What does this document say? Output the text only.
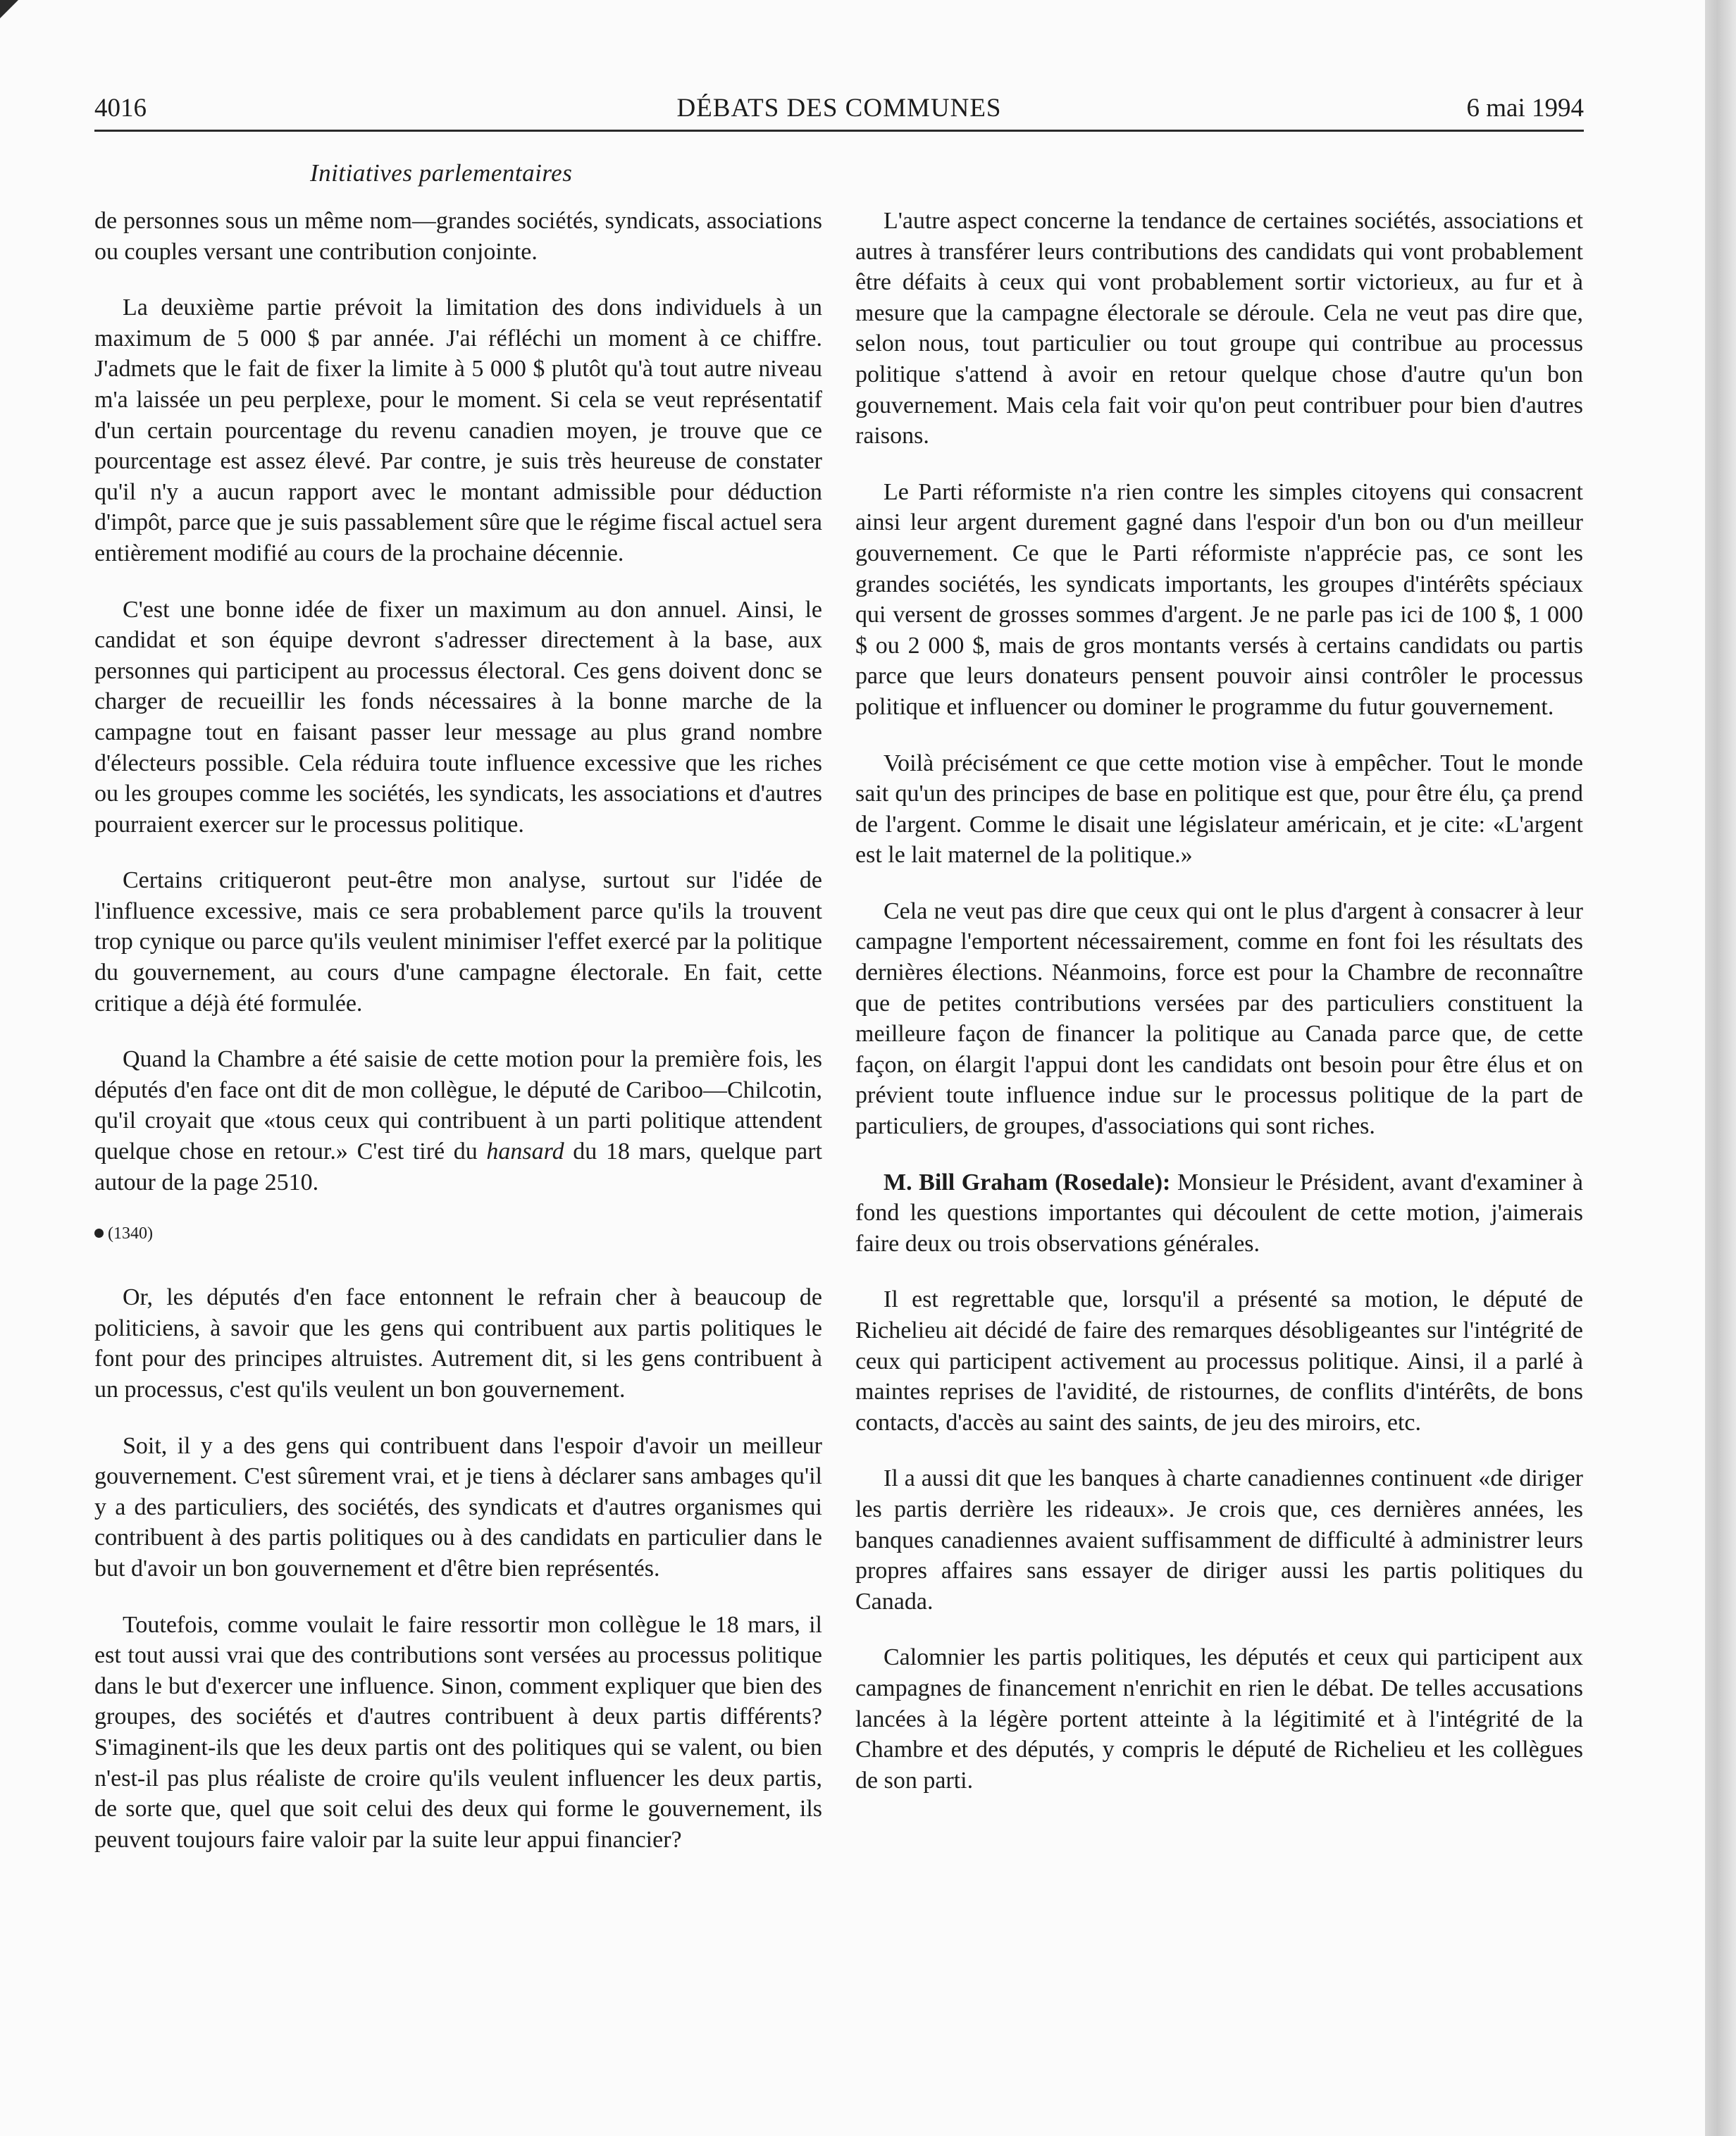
4016	DÉBATS DES COMMUNES	6 mai 1994
Initiatives parlementaires

de personnes sous un même nom—grandes sociétés, syndicats, associations ou couples versant une contribution conjointe.

La deuxième partie prévoit la limitation des dons individuels à un maximum de 5 000 $ par année. J'ai réfléchi un moment à ce chiffre. J'admets que le fait de fixer la limite à 5 000 $ plutôt qu'à tout autre niveau m'a laissée un peu perplexe, pour le moment. Si cela se veut représentatif d'un certain pourcentage du revenu canadien moyen, je trouve que ce pourcentage est assez élevé. Par contre, je suis très heureuse de constater qu'il n'y a aucun rapport avec le montant admissible pour déduction d'impôt, parce que je suis passablement sûre que le régime fiscal actuel sera entièrement modifié au cours de la prochaine décennie.

C'est une bonne idée de fixer un maximum au don annuel. Ainsi, le candidat et son équipe devront s'adresser directement à la base, aux personnes qui participent au processus électoral. Ces gens doivent donc se charger de recueillir les fonds nécessaires à la bonne marche de la campagne tout en faisant passer leur message au plus grand nombre d'électeurs possible. Cela réduira toute influence excessive que les riches ou les groupes comme les sociétés, les syndicats, les associations et d'autres pourraient exercer sur le processus politique.

Certains critiqueront peut-être mon analyse, surtout sur l'idée de l'influence excessive, mais ce sera probablement parce qu'ils la trouvent trop cynique ou parce qu'ils veulent minimiser l'effet exercé par la politique du gouvernement, au cours d'une campagne électorale. En fait, cette critique a déjà été formulée.

Quand la Chambre a été saisie de cette motion pour la première fois, les députés d'en face ont dit de mon collègue, le député de Cariboo—Chilcotin, qu'il croyait que «tous ceux qui contribuent à un parti politique attendent quelque chose en retour.» C'est tiré du hansard du 18 mars, quelque part autour de la page 2510.

(1340)

Or, les députés d'en face entonnent le refrain cher à beaucoup de politiciens, à savoir que les gens qui contribuent aux partis politiques le font pour des principes altruistes. Autrement dit, si les gens contribuent à un processus, c'est qu'ils veulent un bon gouvernement.

Soit, il y a des gens qui contribuent dans l'espoir d'avoir un meilleur gouvernement. C'est sûrement vrai, et je tiens à déclarer sans ambages qu'il y a des particuliers, des sociétés, des syndicats et d'autres organismes qui contribuent à des partis politiques ou à des candidats en particulier dans le but d'avoir un bon gouvernement et d'être bien représentés.

Toutefois, comme voulait le faire ressortir mon collègue le 18 mars, il est tout aussi vrai que des contributions sont versées au processus politique dans le but d'exercer une influence. Sinon, comment expliquer que bien des groupes, des sociétés et d'autres contribuent à deux partis différents? S'imaginent-ils que les deux partis ont des politiques qui se valent, ou bien n'est-il pas plus réaliste de croire qu'ils veulent influencer les deux partis, de sorte que, quel que soit celui des deux qui forme le gouvernement, ils peuvent toujours faire valoir par la suite leur appui financier?

L'autre aspect concerne la tendance de certaines sociétés, associations et autres à transférer leurs contributions des candidats qui vont probablement être défaits à ceux qui vont probablement sortir victorieux, au fur et à mesure que la campagne électorale se déroule. Cela ne veut pas dire que, selon nous, tout particulier ou tout groupe qui contribue au processus politique s'attend à avoir en retour quelque chose d'autre qu'un bon gouvernement. Mais cela fait voir qu'on peut contribuer pour bien d'autres raisons.

Le Parti réformiste n'a rien contre les simples citoyens qui consacrent ainsi leur argent durement gagné dans l'espoir d'un bon ou d'un meilleur gouvernement. Ce que le Parti réformiste n'apprécie pas, ce sont les grandes sociétés, les syndicats importants, les groupes d'intérêts spéciaux qui versent de grosses sommes d'argent. Je ne parle pas ici de 100 $, 1 000 $ ou 2 000 $, mais de gros montants versés à certains candidats ou partis parce que leurs donateurs pensent pouvoir ainsi contrôler le processus politique et influencer ou dominer le programme du futur gouvernement.

Voilà précisément ce que cette motion vise à empêcher. Tout le monde sait qu'un des principes de base en politique est que, pour être élu, ça prend de l'argent. Comme le disait une législateur américain, et je cite: «L'argent est le lait maternel de la politique.»

Cela ne veut pas dire que ceux qui ont le plus d'argent à consacrer à leur campagne l'emportent nécessairement, comme en font foi les résultats des dernières élections. Néanmoins, force est pour la Chambre de reconnaître que de petites contributions versées par des particuliers constituent la meilleure façon de financer la politique au Canada parce que, de cette façon, on élargit l'appui dont les candidats ont besoin pour être élus et on prévient toute influence indue sur le processus politique de la part de particuliers, de groupes, d'associations qui sont riches.

M. Bill Graham (Rosedale): Monsieur le Président, avant d'examiner à fond les questions importantes qui découlent de cette motion, j'aimerais faire deux ou trois observations générales.

Il est regrettable que, lorsqu'il a présenté sa motion, le député de Richelieu ait décidé de faire des remarques désobligeantes sur l'intégrité de ceux qui participent activement au processus politique. Ainsi, il a parlé à maintes reprises de l'avidité, de ristournes, de conflits d'intérêts, de bons contacts, d'accès au saint des saints, de jeu des miroirs, etc.

Il a aussi dit que les banques à charte canadiennes continuent «de diriger les partis derrière les rideaux». Je crois que, ces dernières années, les banques canadiennes avaient suffisamment de difficulté à administrer leurs propres affaires sans essayer de diriger aussi les partis politiques du Canada.

Calomnier les partis politiques, les députés et ceux qui participent aux campagnes de financement n'enrichit en rien le débat. De telles accusations lancées à la légère portent atteinte à la légitimité et à l'intégrité de la Chambre et des députés, y compris le député de Richelieu et les collègues de son parti.
